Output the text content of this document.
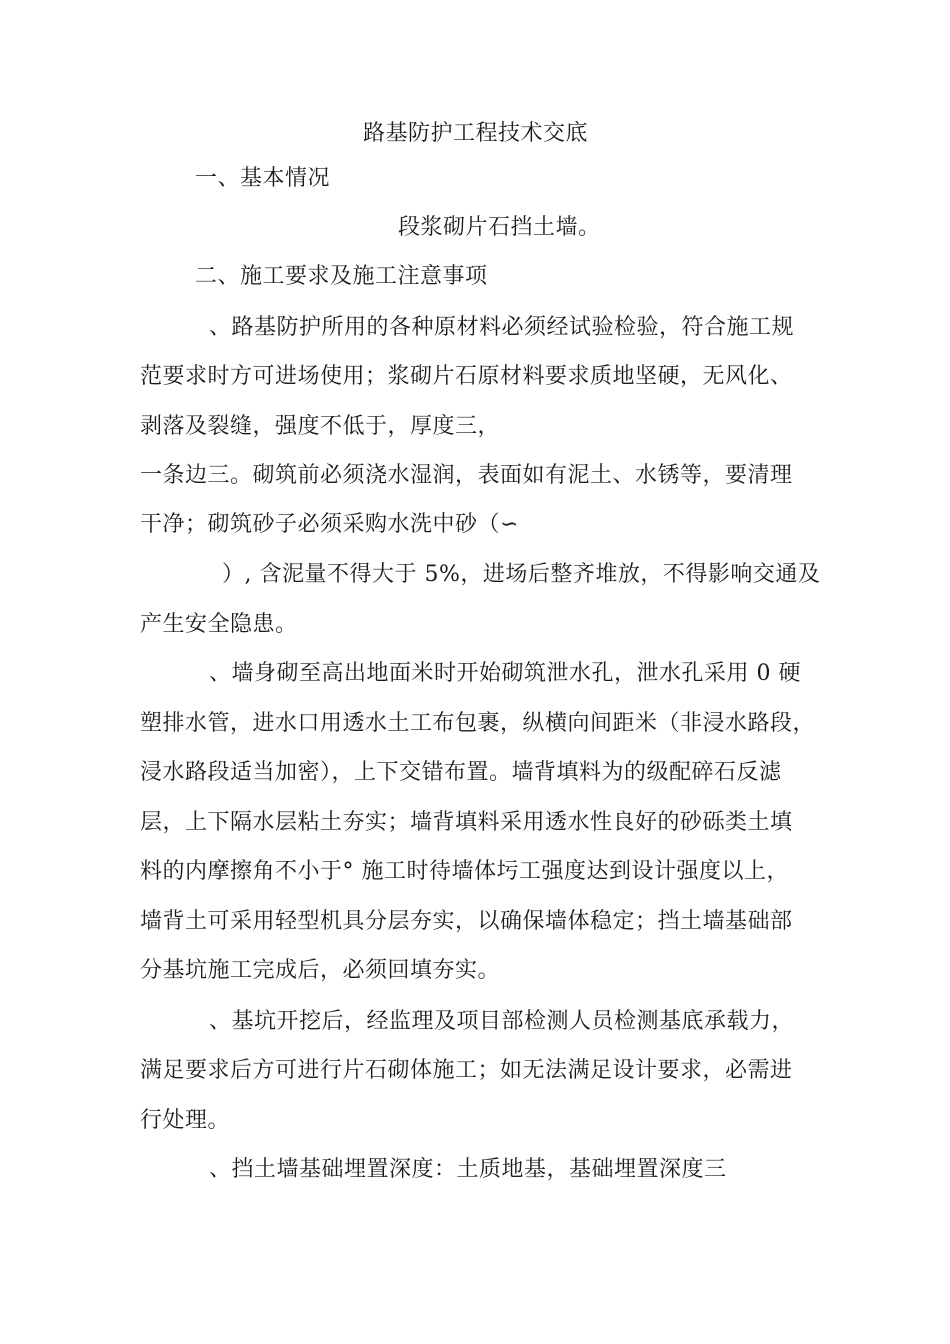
路基防护工程技术交底
一、基本情况
段浆砌片石挡土墙。
二、施工要求及施工注意事项
、路基防护所用的各种原材料必须经试验检验，符合施工规
范要求时方可进场使用；浆砌片石原材料要求质地坚硬，无风化、
剥落及裂缝，强度不低于，厚度三，
一条边三。砌筑前必须浇水湿润，表面如有泥土、水锈等，要清理
干净；砌筑砂子必须采购水洗中砂（∽
）, 含泥量不得大于 5%，进场后整齐堆放，不得影响交通及
产生安全隐患。
、墙身砌至高出地面米时开始砌筑泄水孔，泄水孔采用 0 硬
塑排水管，进水口用透水土工布包裹，纵横向间距米（非浸水路段，
浸水路段适当加密），上下交错布置。墙背填料为的级配碎石反滤
层，上下隔水层粘土夯实；墙背填料采用透水性良好的砂砾类土填
料的内摩擦角不小于° 施工时待墙体圬工强度达到设计强度以上，
墙背土可采用轻型机具分层夯实，以确保墙体稳定；挡土墙基础部
分基坑施工完成后，必须回填夯实。
、基坑开挖后，经监理及项目部检测人员检测基底承载力，
满足要求后方可进行片石砌体施工；如无法满足设计要求，必需进
行处理。
、挡土墙基础埋置深度：土质地基，基础埋置深度三
